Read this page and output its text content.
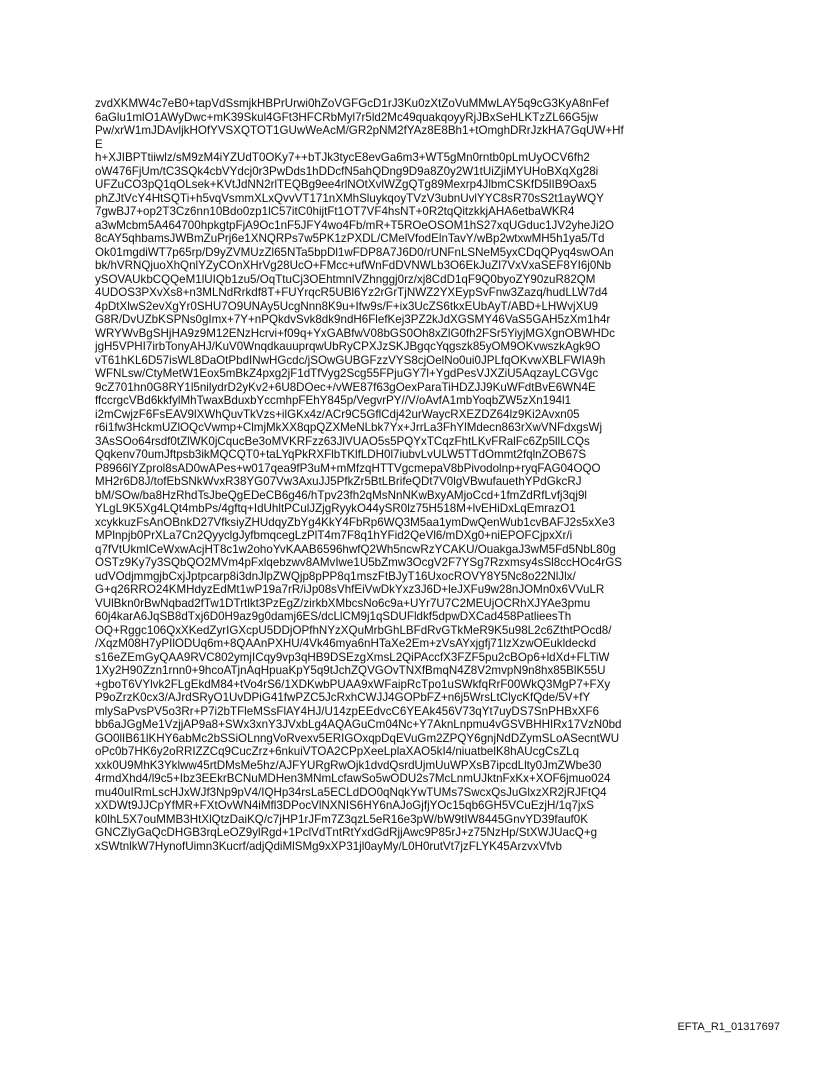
zvdXKMW4c7eB0+tapVdSsmjkHBPrUrwi0hZoVGFGcD1rJ3Ku0zXtZoVuMMwLAY5q9cG3KyA8nFef
6aGlu1mlO1AWyDwc+mK39Skul4GFt3HFCRbMyl7r5ld2Mc49quakqoyyRjJBxSeHLKTzZL66G5jw
Pw/xrW1mJDAvljkHOfYVSXQTOT1GUwWeAcM/GR2pNM2fYAz8E8Bh1+tOmghDRrJzkHA7GqUW+Hf
E
h+XJIBPTtiiwlz/sM9zM4iYZUdT0OKy7++bTJk3tycE8evGa6m3+WT5gMn0rntb0pLmUyOCV6fh2
oW476FjUm/tC3SQk4cbVYdcj0r3PwDds1hDDcfN5ahQDng9D9a8Z0y2W1tUiZjiMYUHoBXqXg28i
UFZuCO3pQ1qOLsek+KVtJdNN2rlTEQBg9ee4rlNOtXvlWZgQTg89Mexrp4JlbmCSKfD5lIB9Oax5
phZJtVcY4HtSQTi+h5vqVsmmXLxQvvVT171nXMhSluykqoyTVzV3ubnUvlYYC8sR70sS2t1ayWQY
7gwBJ7+op2T3Cz6nn10Bdo0zp1lC57itC0hijtFt1OT7VF4hsNT+0R2tqQitzkkjAHA6etbaWKR4
a3wMcbm5A464700hpkgtpFjA9Oc1nF5JFY4wo4Fb/mR+T5ROeOSOM1hS27xqUGduc1JV2yheJi2O
8cAY5qhbamsJWBmZuPrj6e1XNQRPs7w5PK1zPXDL/CMelVfodElnTavY/wBp2wtxwMH5h1ya5/Td
Ok01mgdiWT7p65rp/D9yZVMUzZl65NTa5bpDl1wFDP8A7J6D0/rUNFnLSNeM5yxCDqQPyq4swOAn
bk/hVRNQjuoXhQnlYZyCOnXHrVg28UcO+FMcc+ufWnFdDVNWLb3O6EkJuZl7VxVxaSEF8YI6j0Nb
ySOVAUkbCQQeM1lUIQb1zu5/OqTtuCj3OEhtmnlVZhnggj0rz/xj8CdD1qF9Q0byoZY90zuR82QM
4UDOS3PXvXs8+n3MLNdRrkdf8T+FUYrqcR5UBl6Yz2rGrTjNWZ2YXEypSvFnw3Zazq/hudLLW7d4
4pDtXlwS2evXgYr0SHU7O9UNAy5UcgNnn8K9u+Ifw9s/F+ix3UcZS6tkxEUbAyT/ABD+LHWvjXU9
G8R/DvUZbKSPNs0gImx+7Y+nPQkdvSvk8dk9ndH6FlefKej3PZ2kJdXGSMY46VaS5GAH5zXm1h4r
WRYWvBgSHjHA9z9M12ENzHcrvi+f09q+YxGABfwV08bGS0Oh8xZlG0fh2FSr5YiyjMGXgnOBWHDc
jgH5VPHI7irbTonyAHJ/KuV0WnqdkauuprqwUbRyCPXJzSKJBgqcYqgszk85yOM9OKvwszkAgk9O
vT61hKL6D57isWL8DaOtPbdINwHGcdc/jSOwGUBGFzzVYS8cjOelNo0ui0JPLfqOKvwXBLFWIA9h
WFNLsw/CtyMetW1Eox5mBkZ4pxg2jF1dTfVyg2Scg55FPjuGY7l+YgdPesVJXZiU5AqzayLCGVgc
9cZ701hn0G8RY1l5nilydrD2yKv2+6U8DOec+/vWE87f63gOexParaTiHDZJJ9KuWFdtBvE6WN4E
ffccrgcVBd6kkfylMhTwaxBduxbYccmhpFEhY845p/VegvrPY//V/oAvfA1mbYoqbZW5zXn194l1
i2mCwjzF6FsEAV9lXWhQuvTkVzs+ilGKx4z/ACr9C5GflCdj42urWaycRXEZDZ64lz9Ki2Avxn05
r6i1fw3HckmUZlOQcVwmp+ClmjMkXX8qpQZXMeNLbk7Yx+JrrLa3FhYlMdecn863rXwVNFdxgsWj
3AsSOo64rsdf0tZlWK0jCqucBe3oMVKRFzz63JlVUAO5s5PQYxTCqzFhtLKvFRalFc6Zp5llLCQs
Qqkenv70umJftpsb3ikMQCQT0+taLYqPkRXFlbTKlfLDH0l7iubvLvULW5TTdOmmt2fqlnZOB67S
P8966lYZprol8sAD0wAPes+w017qea9fP3uM+mMfzqHTTVgcmepaV8bPivodolnp+ryqFAG04OQO
MH2r6D8J/tofEbSNkWvxR38YG07Vw3AxuJJ5PfkZr5BtLBrifeQDt7V0lgVBwufauethYPdGkcRJ
bM/SOw/ba8HzRhdTsJbeQgEDeCB6g46/hTpv23fh2qMsNnNKwBxyAMjoCcd+1fmZdRfLvfj3qj9l
YLgL9K5Xg4LQt4mbPs/4gftq+IdUhltPCulJZjgRyykO44ySR0lz75H518M+lvEHiDxLqEmrazO1
xcykkuzFsAnOBnkD27VfksiyZHUdqyZbYg4KkY4FbRp6WQ3M5aa1ymDwQenWub1cvBAFJ2s5xXe3
MPlnpjb0PrXLa7Cn2QyyclgJyfbmqcegLzPlT4m7F8q1hYFid2QeVl6/mDXg0+niEPOFCjpxXr/i
q7fVtUkmlCeWxwAcjHT8c1w2ohoYvKAAB6596hwfQ2Wh5ncwRzYCAKU/OuakgaJ3wM5Fd5NbL80g
OSTz9Ky7y3SQbQO2MVm4pFxlqebzwv8AMvIwe1U5bZmw3OcgV2F7YSg7Rzxmsy4sSl8ccHOc4rGS
udVOdjmmgjbCxjJptpcarp8i3dnJlpZWQjp8pPP8q1mszFtBJyT16UxocROVY8Y5Nc8o22NlJlx/
G+q26RRO24KMHdyzEdMt1wP19a7rR/iJp08sVhfEiVwDkYxz3J6D+leJXFu9w28nJOMn0x6VVuLR
VUlBkn0rBwNqbad2fTw1DTrtlkt3PzEgZ/zirkbXMbcsNo6c9a+UYr7U7C2MEUjOCRhXJYAe3pmu
60j4karA6JqSB8dTxj6D0H9az9g0damj6ES/dcLlCM9j1qSDUFldkf5dpwDXCad458PatlieesTh
OQ+Rggc106QxXKedZyrIGXcpU5DDjOPfhNYzXQuMrbGhLBFdRvGTkMeR9K5u98L2c6ZthtPOcd8/
/XqzM08H7yPIlODUq6m+8QAAnPXHU/4Vk46mya6nHTaXe2Em+zVsAYxjgfj71lzXzwOEukldeckd
s16eZEmGyQAA9RVC802ymjICqy9vp3qHB9DSEzgXmsL2QiPAccfX3FZF5pu2cBOp6+ldXd+FLTiW
1Xy2H90Zzn1rnn0+9hcoATjnAqHpuaKpY5q9tJchZQVGOvTNXfBmqN4Z8V2mvpN9n8hx85BlK55U
+gboT6VYlvk2FLgEkdM84+tVo4rS6/1XDKwbPUAA9xWFaipRcTpo1uSWkfqRrF00WkQ3MgP7+FXy
P9oZrzK0cx3/AJrdSRyO1UvDPiG41fwPZC5JcRxhCWJJ4GOPbFZ+n6j5WrsLtClycKfQde/5V+fY
mlySaPvsPV5o3Rr+P7i2bTFleMSsFlAY4HJ/U14zpEEdvcC6YEAk456V73qYt7uyDS7SnPHBxXF6
bb6aJGgMe1VzjjAP9a8+SWx3xnY3JVxbLg4AQAGuCm04Nc+Y7AknLnpmu4vGSVBHHIRx17VzN0bd
GO0lIB61lKHY6abMc2bSSiOLnngVoRvexv5ERIGOxqpDqEVuGm2ZPQY6gnjNdDZymSLoASecntWU
oPc0b7HK6y2oRRIZZCq9CucZrz+6nkuiVTOA2CPpXeeLplaXAO5kI4/niuatbelK8hAUcgCsZLq
xxk0U9MhK3Yklww45rtDMsMe5hz/AJFYURgRwOjk1dvdQsrdUjmUuWPXsB7ipcdLlty0JmZWbe30
4rmdXhd4/l9c5+Ibz3EEkrBCNuMDHen3MNmLcfawSo5wODU2s7McLnmUJktnFxKx+XOF6jmuo024
mu40uIRmLscHJxWJf3Np9pV4/IQHp34rsLa5ECLdDO0qNqkYwTUMs7SwcxQsJuGlxzXR2jRJFtQ4
xXDWt9JJCpYfMR+FXtOvWN4iMfl3DPocVlNXNIS6HY6nAJoGjfjYOc15qb6GH5VCuEzjH/1q7jxS
k0lhL5X7ouMMB3HtXlQtzDaiKQ/c7jHP1rJFm7Z3qzL5eR16e3pW/bW9tIW8445GnvYD39fauf0K
GNCZlyGaQcDHGB3rqLeOZ9ylRgd+1PclVdTntRtYxdGdRjjAwc9P85rJ+z75NzHp/StXWJUacQ+g
xSWtnlkW7HynofUimn3Kucrf/adjQdiMlSMg9xXP31jl0ayMy/L0H0rutVt7jzFLYK45ArzvxVfvb
EFTA_R1_01317697
